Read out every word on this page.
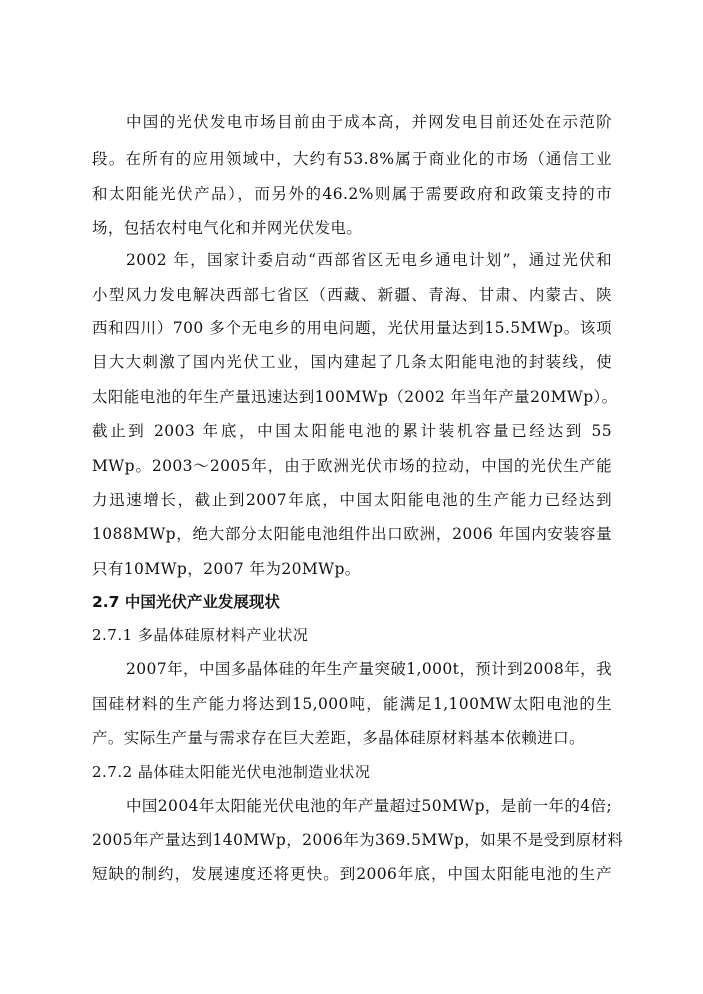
中国的光伏发电市场目前由于成本高，并网发电目前还处在示范阶
段。在所有的应用领域中，大约有53.8%属于商业化的市场（通信工业
和太阳能光伏产品），而另外的46.2%则属于需要政府和政策支持的市
场，包括农村电气化和并网光伏发电。
2002 年，国家计委启动“西部省区无电乡通电计划”，通过光伏和
小型风力发电解决西部七省区（西藏、新疆、青海、甘肃、内蒙古、陕
西和四川）700 多个无电乡的用电问题，光伏用量达到15.5MWp。该项
目大大刺激了国内光伏工业，国内建起了几条太阳能电池的封装线，使
太阳能电池的年生产量迅速达到100MWp（2002 年当年产量20MWp）。
截止到 2003 年底，中国太阳能电池的累计装机容量已经达到 55
MWp。2003～2005年，由于欧洲光伏市场的拉动，中国的光伏生产能
力迅速增长，截止到2007年底，中国太阳能电池的生产能力已经达到
1088MWp，绝大部分太阳能电池组件出口欧洲，2006 年国内安装容量
只有10MWp，2007 年为20MWp。
2.7 中国光伏产业发展现状
2.7.1 多晶体硅原材料产业状况
2007年，中国多晶体硅的年生产量突破1,000t，预计到2008年，我
国硅材料的生产能力将达到15,000吨，能满足1,100MW太阳电池的生
产。实际生产量与需求存在巨大差距，多晶体硅原材料基本依赖进口。
2.7.2 晶体硅太阳能光伏电池制造业状况
中国2004年太阳能光伏电池的年产量超过50MWp，是前一年的4倍;
2005年产量达到140MWp，2006年为369.5MWp，如果不是受到原材料
短缺的制约，发展速度还将更快。到2006年底，中国太阳能电池的生产
